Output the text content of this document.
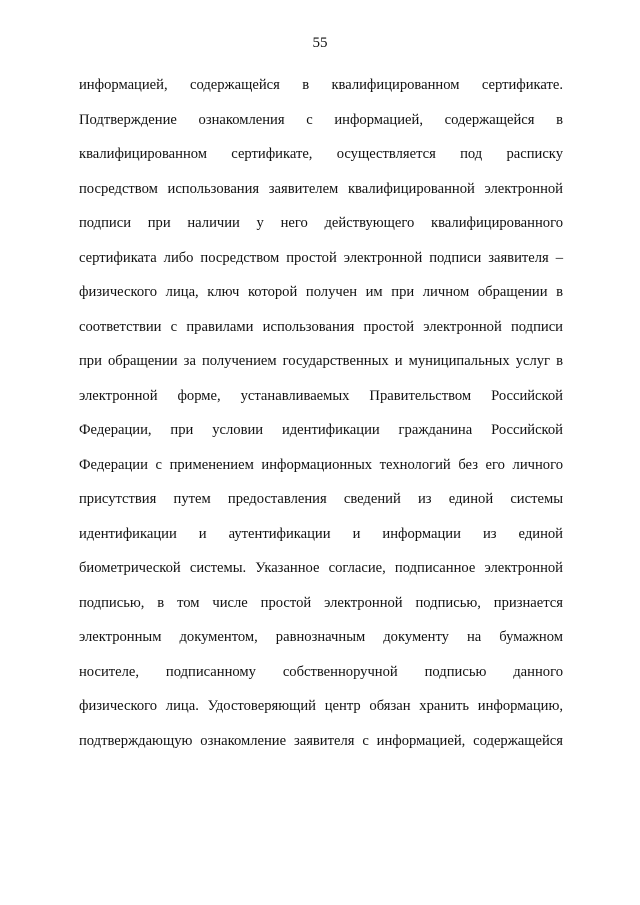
55
информацией, содержащейся в квалифицированном сертификате.
Подтверждение ознакомления с информацией, содержащейся в
квалифицированном сертификате, осуществляется под расписку
посредством использования заявителем квалифицированной электронной
подписи при наличии у него действующего квалифицированного
сертификата либо посредством простой электронной подписи заявителя –
физического лица, ключ которой получен им при личном обращении в
соответствии с правилами использования простой электронной подписи
при обращении за получением государственных и муниципальных услуг в
электронной форме, устанавливаемых Правительством Российской
Федерации, при условии идентификации гражданина Российской
Федерации с применением информационных технологий без его личного
присутствия путем предоставления сведений из единой системы
идентификации и аутентификации и информации из единой
биометрической системы. Указанное согласие, подписанное электронной
подписью, в том числе простой электронной подписью, признается
электронным документом, равнозначным документу на бумажном
носителе, подписанному собственноручной подписью данного
физического лица. Удостоверяющий центр обязан хранить информацию,
подтверждающую ознакомление заявителя с информацией, содержащейся
